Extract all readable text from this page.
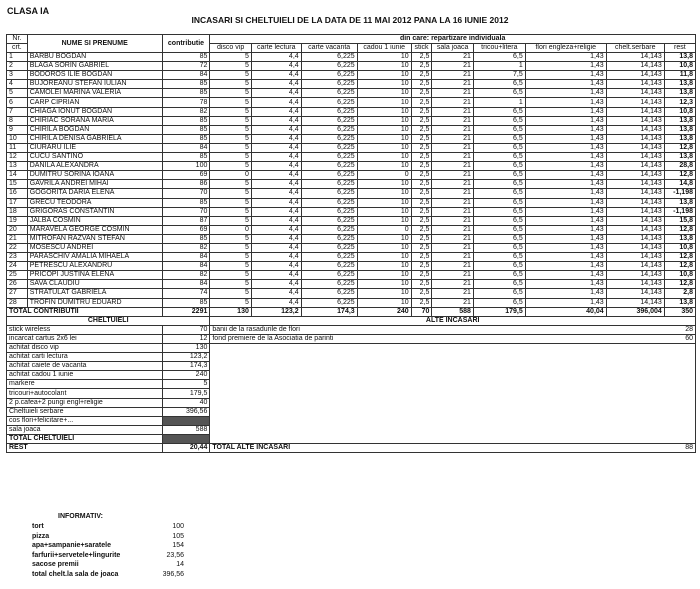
CLASA IA
INCASARI SI CHELTUIELI DE LA DATA DE 11 MAI 2012 PANA LA 16 IUNIE 2012
Nr.	NUME SI PRENUME	contributie	din care: repartizare individuala									
crt.			disco vip	carte lectura	carte vacanta	cadou 1 iunie	stick	sala joaca	tricou+litera	flori engleza+religie	chelt.serbare	rest
1	BARBU BOGDAN	85	5	4,4	6,225	10	2,5	21	6,5	1,43	14,143	13,8
2	BLAGA SORIN GABRIEL	72	5	4,4	6,225	10	2,5	21	1	1,43	14,143	10,8
3	BODOROS ILIE BOGDAN	84	5	4,4	6,225	10	2,5	21	7,5	1,43	14,143	11,8
4	BUJOREANU STEFAN IULIAN	85	5	4,4	6,225	10	2,5	21	6,5	1,43	14,143	13,8
5	CAMOLEI MARINA VALERIA	85	5	4,4	6,225	10	2,5	21	6,5	1,43	14,143	13,8
6	CARP CIPRIAN	78	5	4,4	6,225	10	2,5	21	1	1,43	14,143	12,3
7	CHIAGA IONUT BOGDAN	82	5	4,4	6,225	10	2,5	21	6,5	1,43	14,143	10,8
8	CHIRIAC SORANA MARIA	85	5	4,4	6,225	10	2,5	21	6,5	1,43	14,143	13,8
9	CHIRILA BOGDAN	85	5	4,4	6,225	10	2,5	21	6,5	1,43	14,143	13,8
10	CHIRILA DENISA GABRIELA	85	5	4,4	6,225	10	2,5	21	6,5	1,43	14,143	13,8
11	CIURARU ILIE	84	5	4,4	6,225	10	2,5	21	6,5	1,43	14,143	12,8
12	CUCU SANTINO	85	5	4,4	6,225	10	2,5	21	6,5	1,43	14,143	13,8
13	DANILA ALEXANDRA	100	5	4,4	6,225	10	2,5	21	6,5	1,43	14,143	28,8
14	DUMITRU SORINA IOANA	69	0	4,4	6,225	0	2,5	21	6,5	1,43	14,143	12,8
15	GAVRILA ANDREI MIHAI	86	5	4,4	6,225	10	2,5	21	6,5	1,43	14,143	14,8
16	GOGORITA DARIA ELENA	70	5	4,4	6,225	10	2,5	21	6,5	1,43	14,143	-1,198
17	GRECU TEODORA	85	5	4,4	6,225	10	2,5	21	6,5	1,43	14,143	13,8
18	GRIGORAS CONSTANTIN	70	5	4,4	6,225	10	2,5	21	6,5	1,43	14,143	-1,198
19	JALBA COSMIN	87	5	4,4	6,225	10	2,5	21	6,5	1,43	14,143	15,8
20	MARAVELA GEORGE COSMIN	69	0	4,4	6,225	0	2,5	21	6,5	1,43	14,143	12,8
21	MITROFAN RAZVAN STEFAN	85	5	4,4	6,225	10	2,5	21	6,5	1,43	14,143	13,8
22	MOSESCU ANDREI	82	5	4,4	6,225	10	2,5	21	6,5	1,43	14,143	10,8
23	PARASCHIV AMALIA MIHAELA	84	5	4,4	6,225	10	2,5	21	6,5	1,43	14,143	12,8
24	PETRESCU ALEXANDRU	84	5	4,4	6,225	10	2,5	21	6,5	1,43	14,143	12,8
25	PRICOPI JUSTINA ELENA	82	5	4,4	6,225	10	2,5	21	6,5	1,43	14,143	10,8
26	SAVA CLAUDIU	84	5	4,4	6,225	10	2,5	21	6,5	1,43	14,143	12,8
27	STRATULAT GABRIELA	74	5	4,4	6,225	10	2,5	21	6,5	1,43	14,143	2,8
28	TROFIN DUMITRU EDUARD	85	5	4,4	6,225	10	2,5	21	6,5	1,43	14,143	13,8
TOTAL CONTRIBUTII		2291	130	123,2	174,3	240	70	588	179,5	40,04	396,004	350
CHELTUIELI			ALTE INCASARI									
stick wireless		70	banii de la rasadurile de flori									28
incarcat cartus 2x6 lei		12	fond premiere de la Asociatia de parinti									60
achitat disco vip		130										
achitat carti lectura		123,2										
achitat caiete de vacanta		174,3										
achitat cadou 1 iunie		240										
markere		5										
tricouri+autocolant		179,5										
2 p.cafea+2 pungi engl+religie		40										
Cheltuieli serbare		396,56										
cos flori+felicitare+...												
sala joaca		588										
TOTAL CHELTUIELI												
REST		20,44	TOTAL ALTE INCASARI									88
INFORMATIV:
tort	100
pizza	105
apa+sampanie+saratele	154
farfurii+servetele+lingurite	23,56
sacose premii	14
total chelt.la sala de joaca	396,56
